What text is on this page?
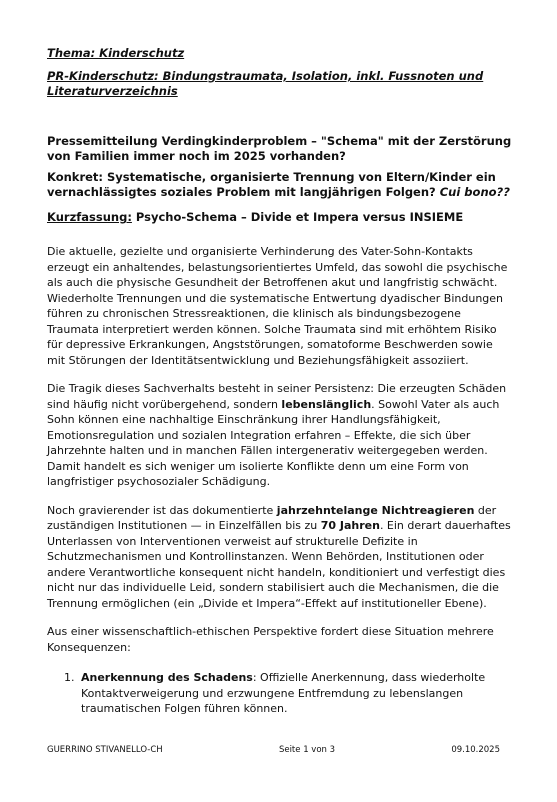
Thema: Kinderschutz
PR-Kinderschutz: Bindungstraumata, Isolation, inkl. Fussnoten und Literaturverzeichnis
Pressemitteilung Verdingkinderproblem – "Schema" mit der Zerstörung von Familien immer noch im 2025 vorhanden?
Konkret: Systematische, organisierte Trennung von Eltern/Kinder ein vernachlässigtes soziales Problem mit langjährigen Folgen? Cui bono??
Kurzfassung: Psycho-Schema – Divide et Impera versus INSIEME
Die aktuelle, gezielte und organisierte Verhinderung des Vater-Sohn-Kontakts erzeugt ein anhaltendes, belastungsorientiertes Umfeld, das sowohl die psychische als auch die physische Gesundheit der Betroffenen akut und langfristig schwächt. Wiederholte Trennungen und die systematische Entwertung dyadischer Bindungen führen zu chronischen Stressreaktionen, die klinisch als bindungsbezogene Traumata interpretiert werden können. Solche Traumata sind mit erhöhtem Risiko für depressive Erkrankungen, Angststörungen, somatoforme Beschwerden sowie mit Störungen der Identitätsentwicklung und Beziehungsfähigkeit assoziiert.
Die Tragik dieses Sachverhalts besteht in seiner Persistenz: Die erzeugten Schäden sind häufig nicht vorübergehend, sondern lebenslänglich. Sowohl Vater als auch Sohn können eine nachhaltige Einschränkung ihrer Handlungsfähigkeit, Emotionsregulation und sozialen Integration erfahren – Effekte, die sich über Jahrzehnte halten und in manchen Fällen intergenerativ weitergegeben werden. Damit handelt es sich weniger um isolierte Konflikte denn um eine Form von langfristiger psychosozialer Schädigung.
Noch gravierender ist das dokumentierte jahrzehntelange Nichtreagieren der zuständigen Institutionen — in Einzelfällen bis zu 70 Jahren. Ein derart dauerhaftes Unterlassen von Interventionen verweist auf strukturelle Defizite in Schutzmechanismen und Kontrollinstanzen. Wenn Behörden, Institutionen oder andere Verantwortliche konsequent nicht handeln, konditioniert und verfestigt dies nicht nur das individuelle Leid, sondern stabilisiert auch die Mechanismen, die die Trennung ermöglichen (ein „Divide et Impera“-Effekt auf institutioneller Ebene).
Aus einer wissenschaftlich-ethischen Perspektive fordert diese Situation mehrere Konsequenzen:
1. Anerkennung des Schadens: Offizielle Anerkennung, dass wiederholte Kontaktverweigerung und erzwungene Entfremdung zu lebenslangen traumatischen Folgen führen können.
GUERRINO STIVANELLO-CH	Seite 1 von 3	09.10.2025
